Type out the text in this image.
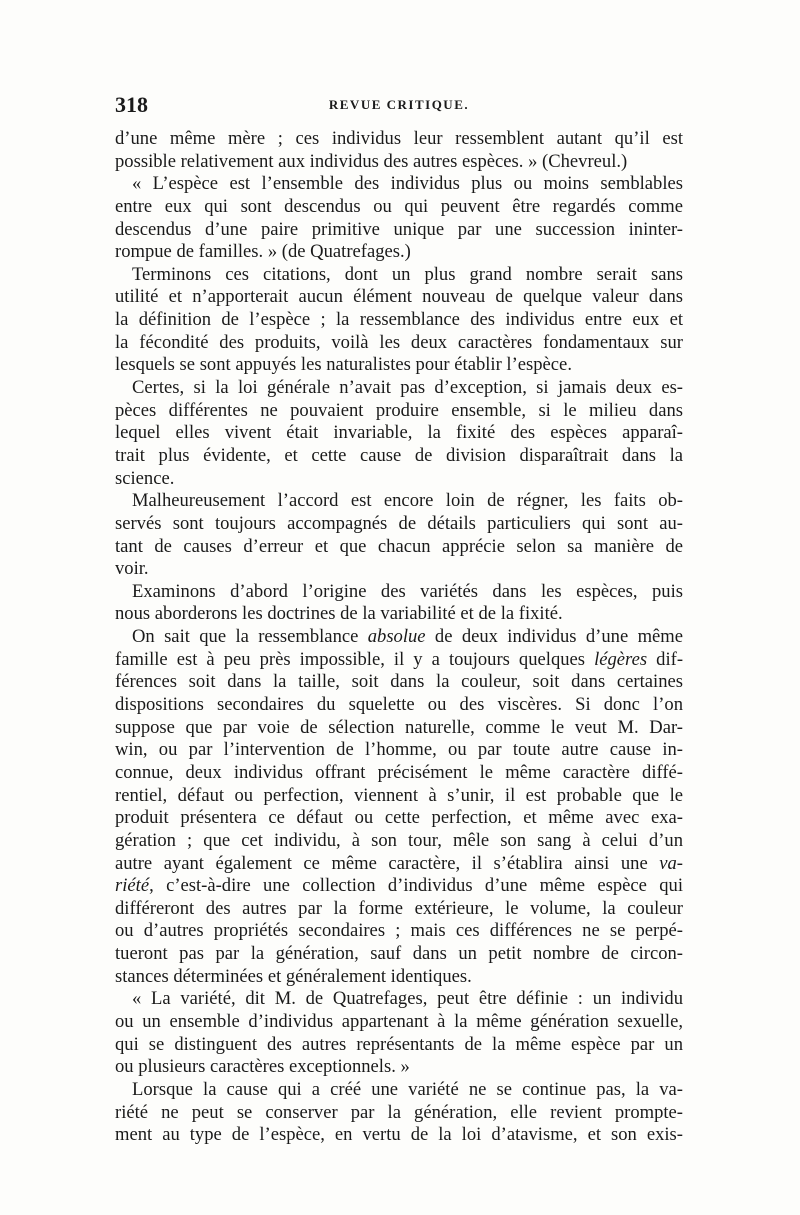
318	REVUE CRITIQUE.
d’une même mère ; ces individus leur ressemblent autant qu’il est
possible relativement aux individus des autres espèces. » (Chevreul.)
« L’espèce est l’ensemble des individus plus ou moins semblables
entre eux qui sont descendus ou qui peuvent être regardés comme
descendus d’une paire primitive unique par une succession ininter-
rompue de familles. » (de Quatrefages.)
Terminons ces citations, dont un plus grand nombre serait sans
utilité et n’apporterait aucun élément nouveau de quelque valeur dans
la définition de l’espèce ; la ressemblance des individus entre eux et
la fécondité des produits, voilà les deux caractères fondamentaux sur
lesquels se sont appuyés les naturalistes pour établir l’espèce.
Certes, si la loi générale n’avait pas d’exception, si jamais deux es-
pèces différentes ne pouvaient produire ensemble, si le milieu dans
lequel elles vivent était invariable, la fixité des espèces apparaî-
trait plus évidente, et cette cause de division disparaîtrait dans la
science.
Malheureusement l’accord est encore loin de régner, les faits ob-
servés sont toujours accompagnés de détails particuliers qui sont au-
tant de causes d’erreur et que chacun apprécie selon sa manière de
voir.
Examinons d’abord l’origine des variétés dans les espèces, puis
nous aborderons les doctrines de la variabilité et de la fixité.
On sait que la ressemblance absolue de deux individus d’une même
famille est à peu près impossible, il y a toujours quelques légères dif-
férences soit dans la taille, soit dans la couleur, soit dans certaines
dispositions secondaires du squelette ou des viscères. Si donc l’on
suppose que par voie de sélection naturelle, comme le veut M. Dar-
win, ou par l’intervention de l’homme, ou par toute autre cause in-
connue, deux individus offrant précisément le même caractère diffé-
rentiel, défaut ou perfection, viennent à s’unir, il est probable que le
produit présentera ce défaut ou cette perfection, et même avec exa-
gération ; que cet individu, à son tour, mêle son sang à celui d’un
autre ayant également ce même caractère, il s’établira ainsi une va-
riété, c’est-à-dire une collection d’individus d’une même espèce qui
différeront des autres par la forme extérieure, le volume, la couleur
ou d’autres propriétés secondaires ; mais ces différences ne se perpé-
tueront pas par la génération, sauf dans un petit nombre de circon-
stances déterminées et généralement identiques.
« La variété, dit M. de Quatrefages, peut être définie : un individu
ou un ensemble d’individus appartenant à la même génération sexuelle,
qui se distinguent des autres représentants de la même espèce par un
ou plusieurs caractères exceptionnels. »
Lorsque la cause qui a créé une variété ne se continue pas, la va-
riété ne peut se conserver par la génération, elle revient prompte-
ment au type de l’espèce, en vertu de la loi d’atavisme, et son exis-
